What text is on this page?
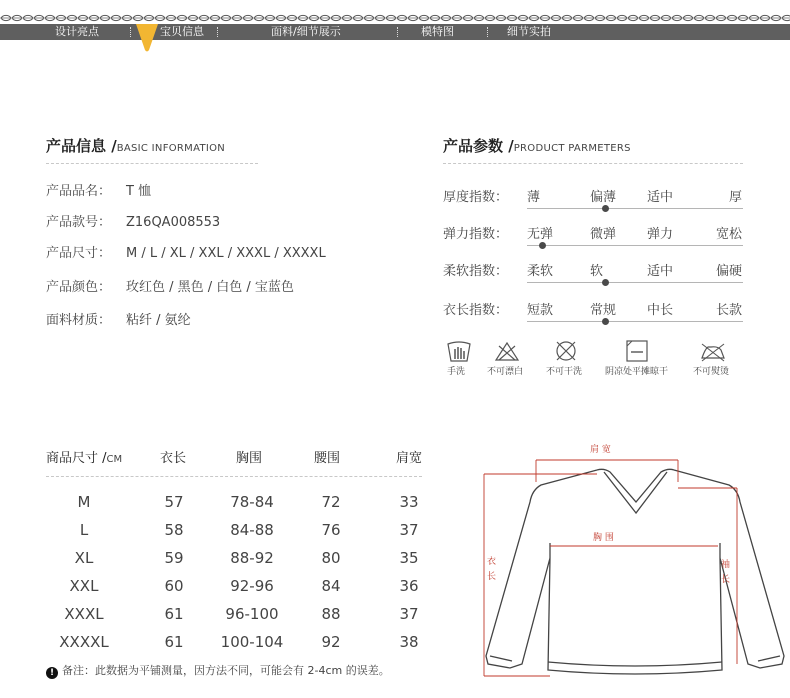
设计亮点	宝贝信息	面料/细节展示	模特图	细节实拍
产品信息 /BASIC INFORMATION
产品品名： T 恤
产品款号： Z16QA008553
产品尺寸： M / L / XL / XXL / XXXL / XXXXL
产品颜色： 玫红色 / 黑色 / 白色 / 宝蓝色
面料材质： 粘纤 / 氨纶
产品参数 /PRODUCT PARMETERS
厚度指数： 薄	偏薄 适中	厚
弹力指数： 无弹	微弹 弹力	宽松
柔软指数： 柔软	软	适中	偏硬
衣长指数： 短款	常规 中长	长款
手洗 不可漂白	不可干洗	阴凉处平摊晾干	不可熨烫
商品尺寸 /CM	衣长	胸围	腰围	肩宽
M	57	78-84	72	33
L	58	84-88	76	37
XL	59	88-92	80	35
XXL	60	92-96	84	36
XXXL	61	96-100	88	37
XXXXL	61	100-104	92	38
! 备注：此数据为平铺测量，因方法不同，可能会有 2-4cm 的误差。
肩 宽
胸 围
衣
长
袖
长
